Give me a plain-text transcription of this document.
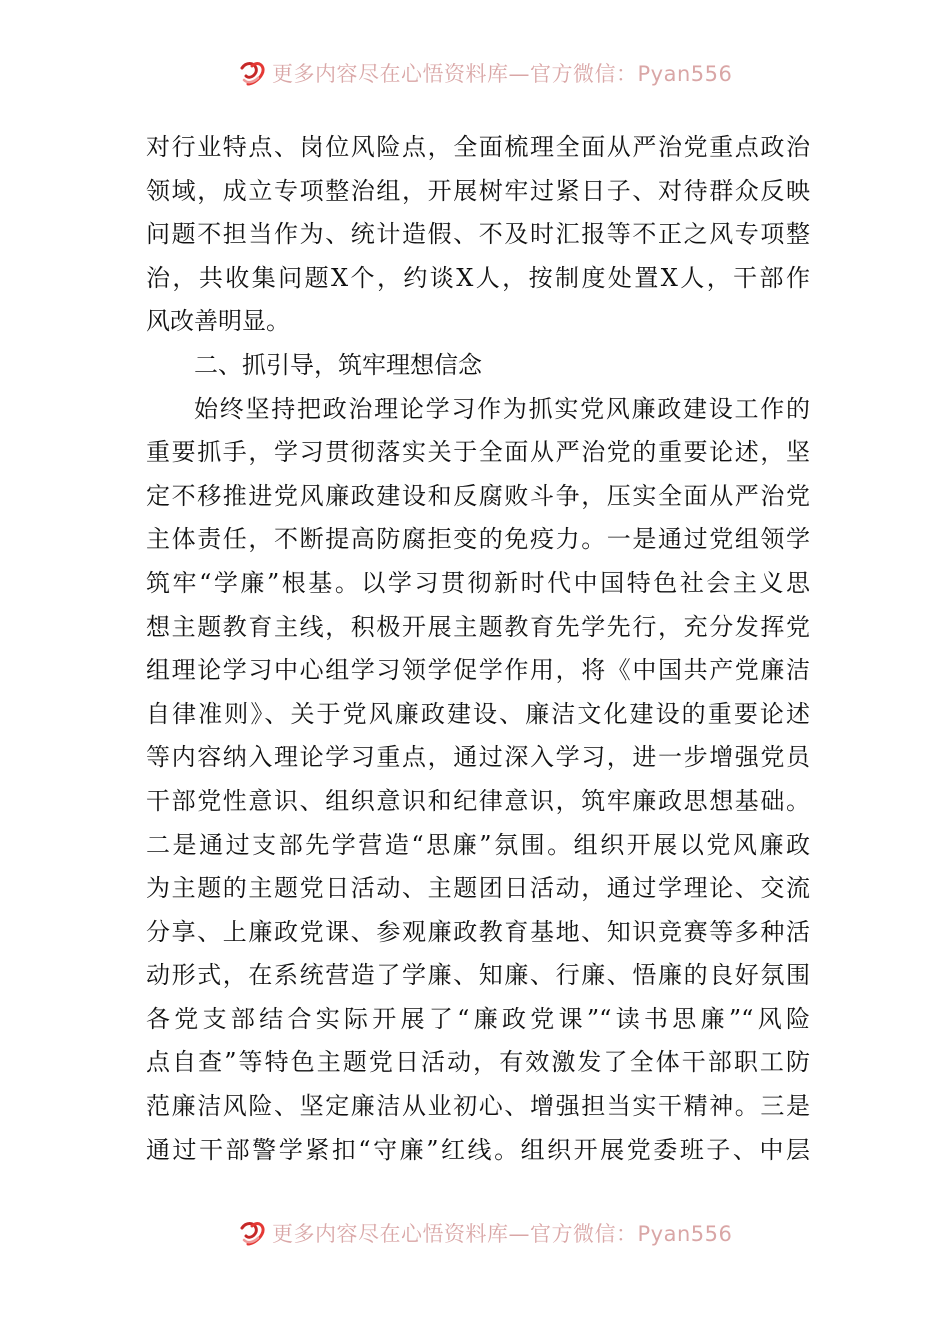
更多内容尽在心悟资料库—官方微信：Pyan556
对行业特点、岗位风险点，全面梳理全面从严治党重点政治
领域，成立专项整治组，开展树牢过紧日子、对待群众反映
问题不担当作为、统计造假、不及时汇报等不正之风专项整
治，共收集问题X个，约谈X人，按制度处置X人，干部作
风改善明显。
二、抓引导，筑牢理想信念
始终坚持把政治理论学习作为抓实党风廉政建设工作的
重要抓手，学习贯彻落实关于全面从严治党的重要论述，坚
定不移推进党风廉政建设和反腐败斗争，压实全面从严治党
主体责任，不断提高防腐拒变的免疫力。一是通过党组领学
筑牢“学廉”根基。以学习贯彻新时代中国特色社会主义思
想主题教育主线，积极开展主题教育先学先行，充分发挥党
组理论学习中心组学习领学促学作用，将《中国共产党廉洁
自律准则》、关于党风廉政建设、廉洁文化建设的重要论述
等内容纳入理论学习重点，通过深入学习，进一步增强党员
干部党性意识、组织意识和纪律意识，筑牢廉政思想基础。
二是通过支部先学营造“思廉”氛围。组织开展以党风廉政
为主题的主题党日活动、主题团日活动，通过学理论、交流
分享、上廉政党课、参观廉政教育基地、知识竞赛等多种活
动形式，在系统营造了学廉、知廉、行廉、悟廉的良好氛围
各党支部结合实际开展了“廉政党课”“读书思廉”“风险
点自查”等特色主题党日活动，有效激发了全体干部职工防
范廉洁风险、坚定廉洁从业初心、增强担当实干精神。三是
通过干部警学紧扣“守廉”红线。组织开展党委班子、中层
更多内容尽在心悟资料库—官方微信：Pyan556
